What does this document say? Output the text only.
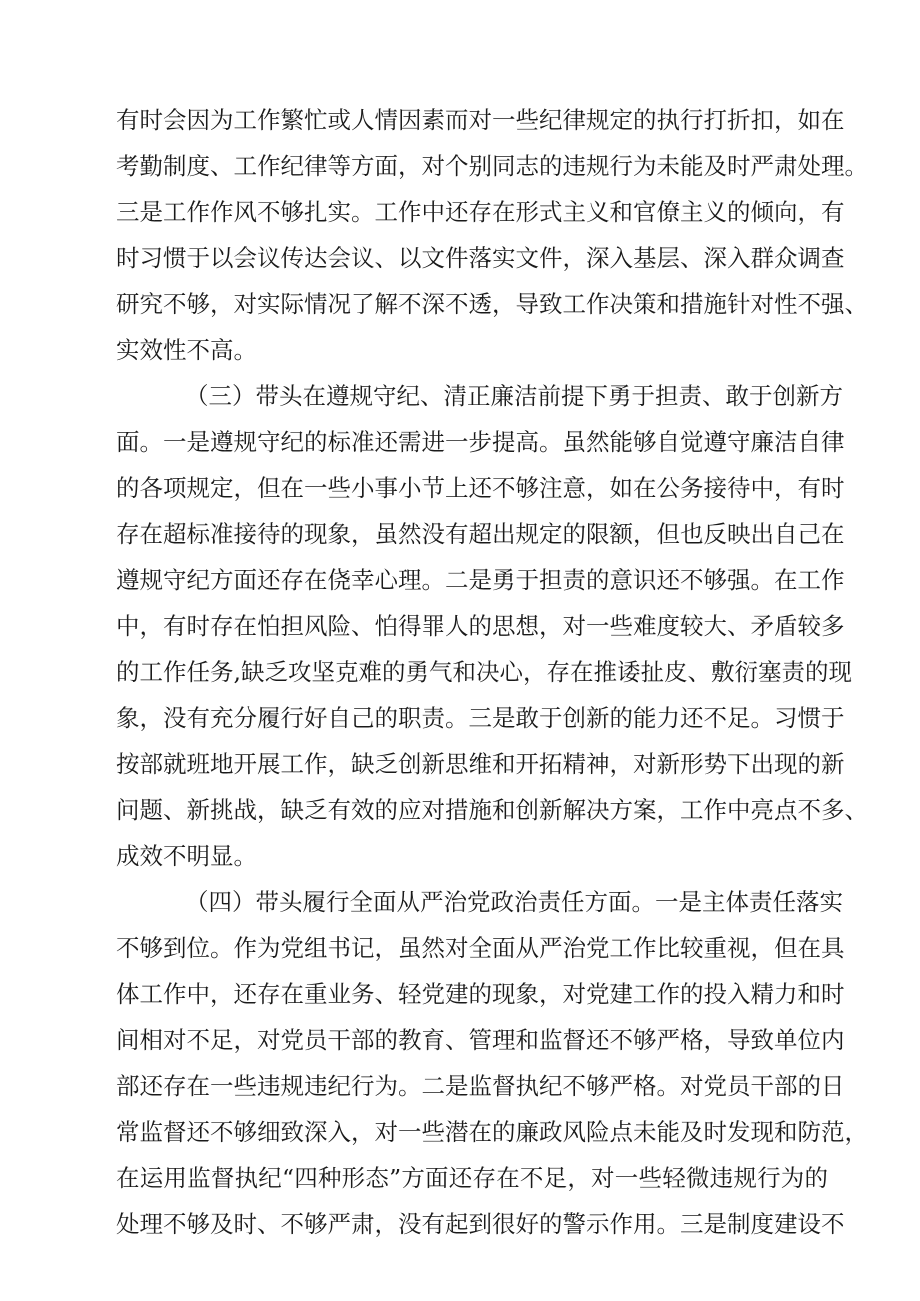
有时会因为工作繁忙或人情因素而对一些纪律规定的执行打折扣，如在
考勤制度、工作纪律等方面，对个别同志的违规行为未能及时严肃处理。
三是工作作风不够扎实。工作中还存在形式主义和官僚主义的倾向，有
时习惯于以会议传达会议、以文件落实文件，深入基层、深入群众调查
研究不够，对实际情况了解不深不透，导致工作决策和措施针对性不强、
实效性不高。
（三）带头在遵规守纪、清正廉洁前提下勇于担责、敢于创新方
面。一是遵规守纪的标准还需进一步提高。虽然能够自觉遵守廉洁自律
的各项规定，但在一些小事小节上还不够注意，如在公务接待中，有时
存在超标准接待的现象，虽然没有超出规定的限额，但也反映出自己在
遵规守纪方面还存在侥幸心理。二是勇于担责的意识还不够强。在工作
中，有时存在怕担风险、怕得罪人的思想，对一些难度较大、矛盾较多
的工作任务,缺乏攻坚克难的勇气和决心，存在推诿扯皮、敷衍塞责的现
象，没有充分履行好自己的职责。三是敢于创新的能力还不足。习惯于
按部就班地开展工作，缺乏创新思维和开拓精神，对新形势下出现的新
问题、新挑战，缺乏有效的应对措施和创新解决方案，工作中亮点不多、
成效不明显。
（四）带头履行全面从严治党政治责任方面。一是主体责任落实
不够到位。作为党组书记，虽然对全面从严治党工作比较重视，但在具
体工作中，还存在重业务、轻党建的现象，对党建工作的投入精力和时
间相对不足，对党员干部的教育、管理和监督还不够严格，导致单位内
部还存在一些违规违纪行为。二是监督执纪不够严格。对党员干部的日
常监督还不够细致深入，对一些潜在的廉政风险点未能及时发现和防范，
在运用监督执纪“四种形态”方面还存在不足，对一些轻微违规行为的
处理不够及时、不够严肃，没有起到很好的警示作用。三是制度建设不
